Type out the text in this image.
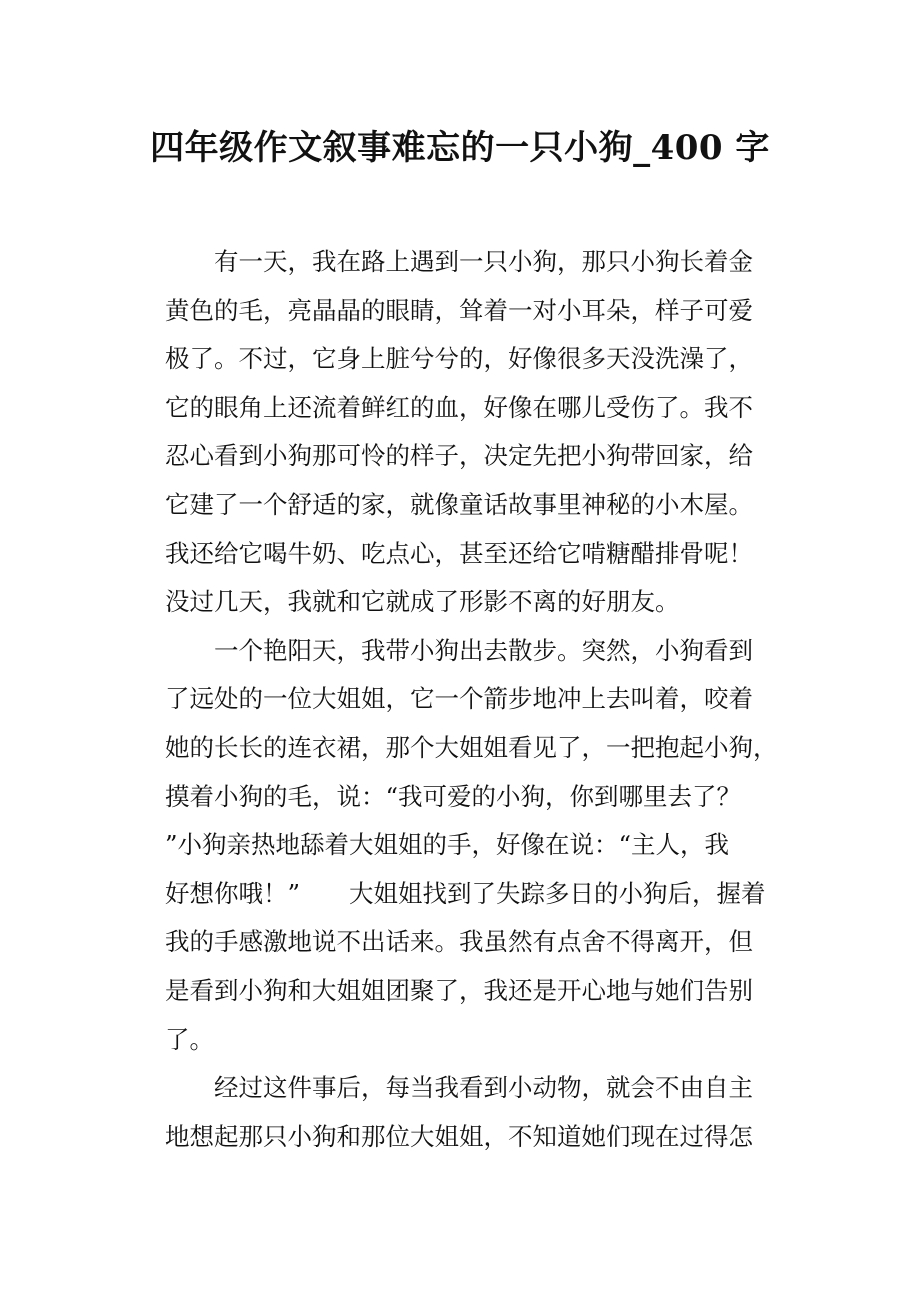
四年级作文叙事难忘的一只小狗_400 字
　　有一天，我在路上遇到一只小狗，那只小狗长着金
黄色的毛，亮晶晶的眼睛，耸着一对小耳朵，样子可爱
极了。不过，它身上脏兮兮的，好像很多天没洗澡了，
它的眼角上还流着鲜红的血，好像在哪儿受伤了。我不
忍心看到小狗那可怜的样子，决定先把小狗带回家，给
它建了一个舒适的家，就像童话故事里神秘的小木屋。
我还给它喝牛奶、吃点心，甚至还给它啃糖醋排骨呢！
没过几天，我就和它就成了形影不离的好朋友。
　　一个艳阳天，我带小狗出去散步。突然，小狗看到
了远处的一位大姐姐，它一个箭步地冲上去叫着，咬着
她的长长的连衣裙，那个大姐姐看见了，一把抱起小狗，
摸着小狗的毛，说：“我可爱的小狗，你到哪里去了？
”小狗亲热地舔着大姐姐的手，好像在说：“主人，我
好想你哦！”　　大姐姐找到了失踪多日的小狗后，握着
我的手感激地说不出话来。我虽然有点舍不得离开，但
是看到小狗和大姐姐团聚了，我还是开心地与她们告别
了。
　　经过这件事后，每当我看到小动物，就会不由自主
地想起那只小狗和那位大姐姐，不知道她们现在过得怎
